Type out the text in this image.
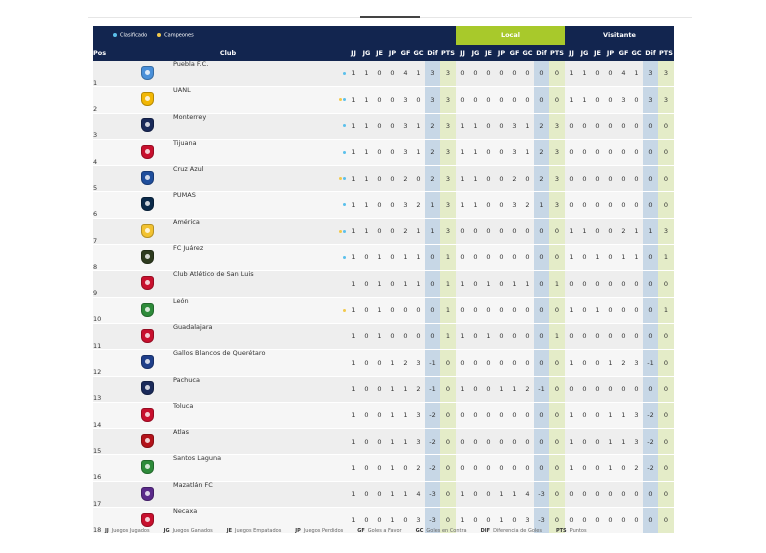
Clasificado Campeones												Local								Visitante							
Pos	Club			JJ	JG	JE	JP	GF	GC	Dif	PTS	JJ	JG	JE	JP	GF	GC	Dif	PTS	JJ	JG	JE	JP	GF	GC	Dif	PTS
1		Puebla F.C.		1	1	0	0	4	1	3	3	0	0	0	0	0	0	0	0	1	1	0	0	4	1	3	3
2		UANL		1	1	0	0	3	0	3	3	0	0	0	0	0	0	0	0	1	1	0	0	3	0	3	3
3		Monterrey		1	1	0	0	3	1	2	3	1	1	0	0	3	1	2	3	0	0	0	0	0	0	0	0
4		Tijuana		1	1	0	0	3	1	2	3	1	1	0	0	3	1	2	3	0	0	0	0	0	0	0	0
5		Cruz Azul		1	1	0	0	2	0	2	3	1	1	0	0	2	0	2	3	0	0	0	0	0	0	0	0
6		PUMAS		1	1	0	0	3	2	1	3	1	1	0	0	3	2	1	3	0	0	0	0	0	0	0	0
7		América		1	1	0	0	2	1	1	3	0	0	0	0	0	0	0	0	1	1	0	0	2	1	1	3
8		FC Juárez		1	0	1	0	1	1	0	1	0	0	0	0	0	0	0	0	1	0	1	0	1	1	0	1
9		Club Atlético de San Luis		1	0	1	0	1	1	0	1	1	0	1	0	1	1	0	1	0	0	0	0	0	0	0	0
10		León		1	0	1	0	0	0	0	1	0	0	0	0	0	0	0	0	1	0	1	0	0	0	0	1
11		Guadalajara		1	0	1	0	0	0	0	1	1	0	1	0	0	0	0	1	0	0	0	0	0	0	0	0
12		Gallos Blancos de Querétaro		1	0	0	1	2	3	-1	0	0	0	0	0	0	0	0	0	1	0	0	1	2	3	-1	0
13		Pachuca		1	0	0	1	1	2	-1	0	1	0	0	1	1	2	-1	0	0	0	0	0	0	0	0	0
14		Toluca		1	0	0	1	1	3	-2	0	0	0	0	0	0	0	0	0	1	0	0	1	1	3	-2	0
15		Atlas		1	0	0	1	1	3	-2	0	0	0	0	0	0	0	0	0	1	0	0	1	1	3	-2	0
16		Santos Laguna		1	0	0	1	0	2	-2	0	0	0	0	0	0	0	0	0	1	0	0	1	0	2	-2	0
17		Mazatlán FC		1	0	0	1	1	4	-3	0	1	0	0	1	1	4	-3	0	0	0	0	0	0	0	0	0
18		Necaxa		1	0	0	1	0	3	-3	0	1	0	0	1	0	3	-3	0	0	0	0	0	0	0	0	0
JJ Juegos Jugados	JG Juegos Ganados	JE Juegos Empatados	JP Juegos Perdidos	GF Goles a Favor	GC Goles en Contra	DIF Diferencia de Goles	PTS Puntos
